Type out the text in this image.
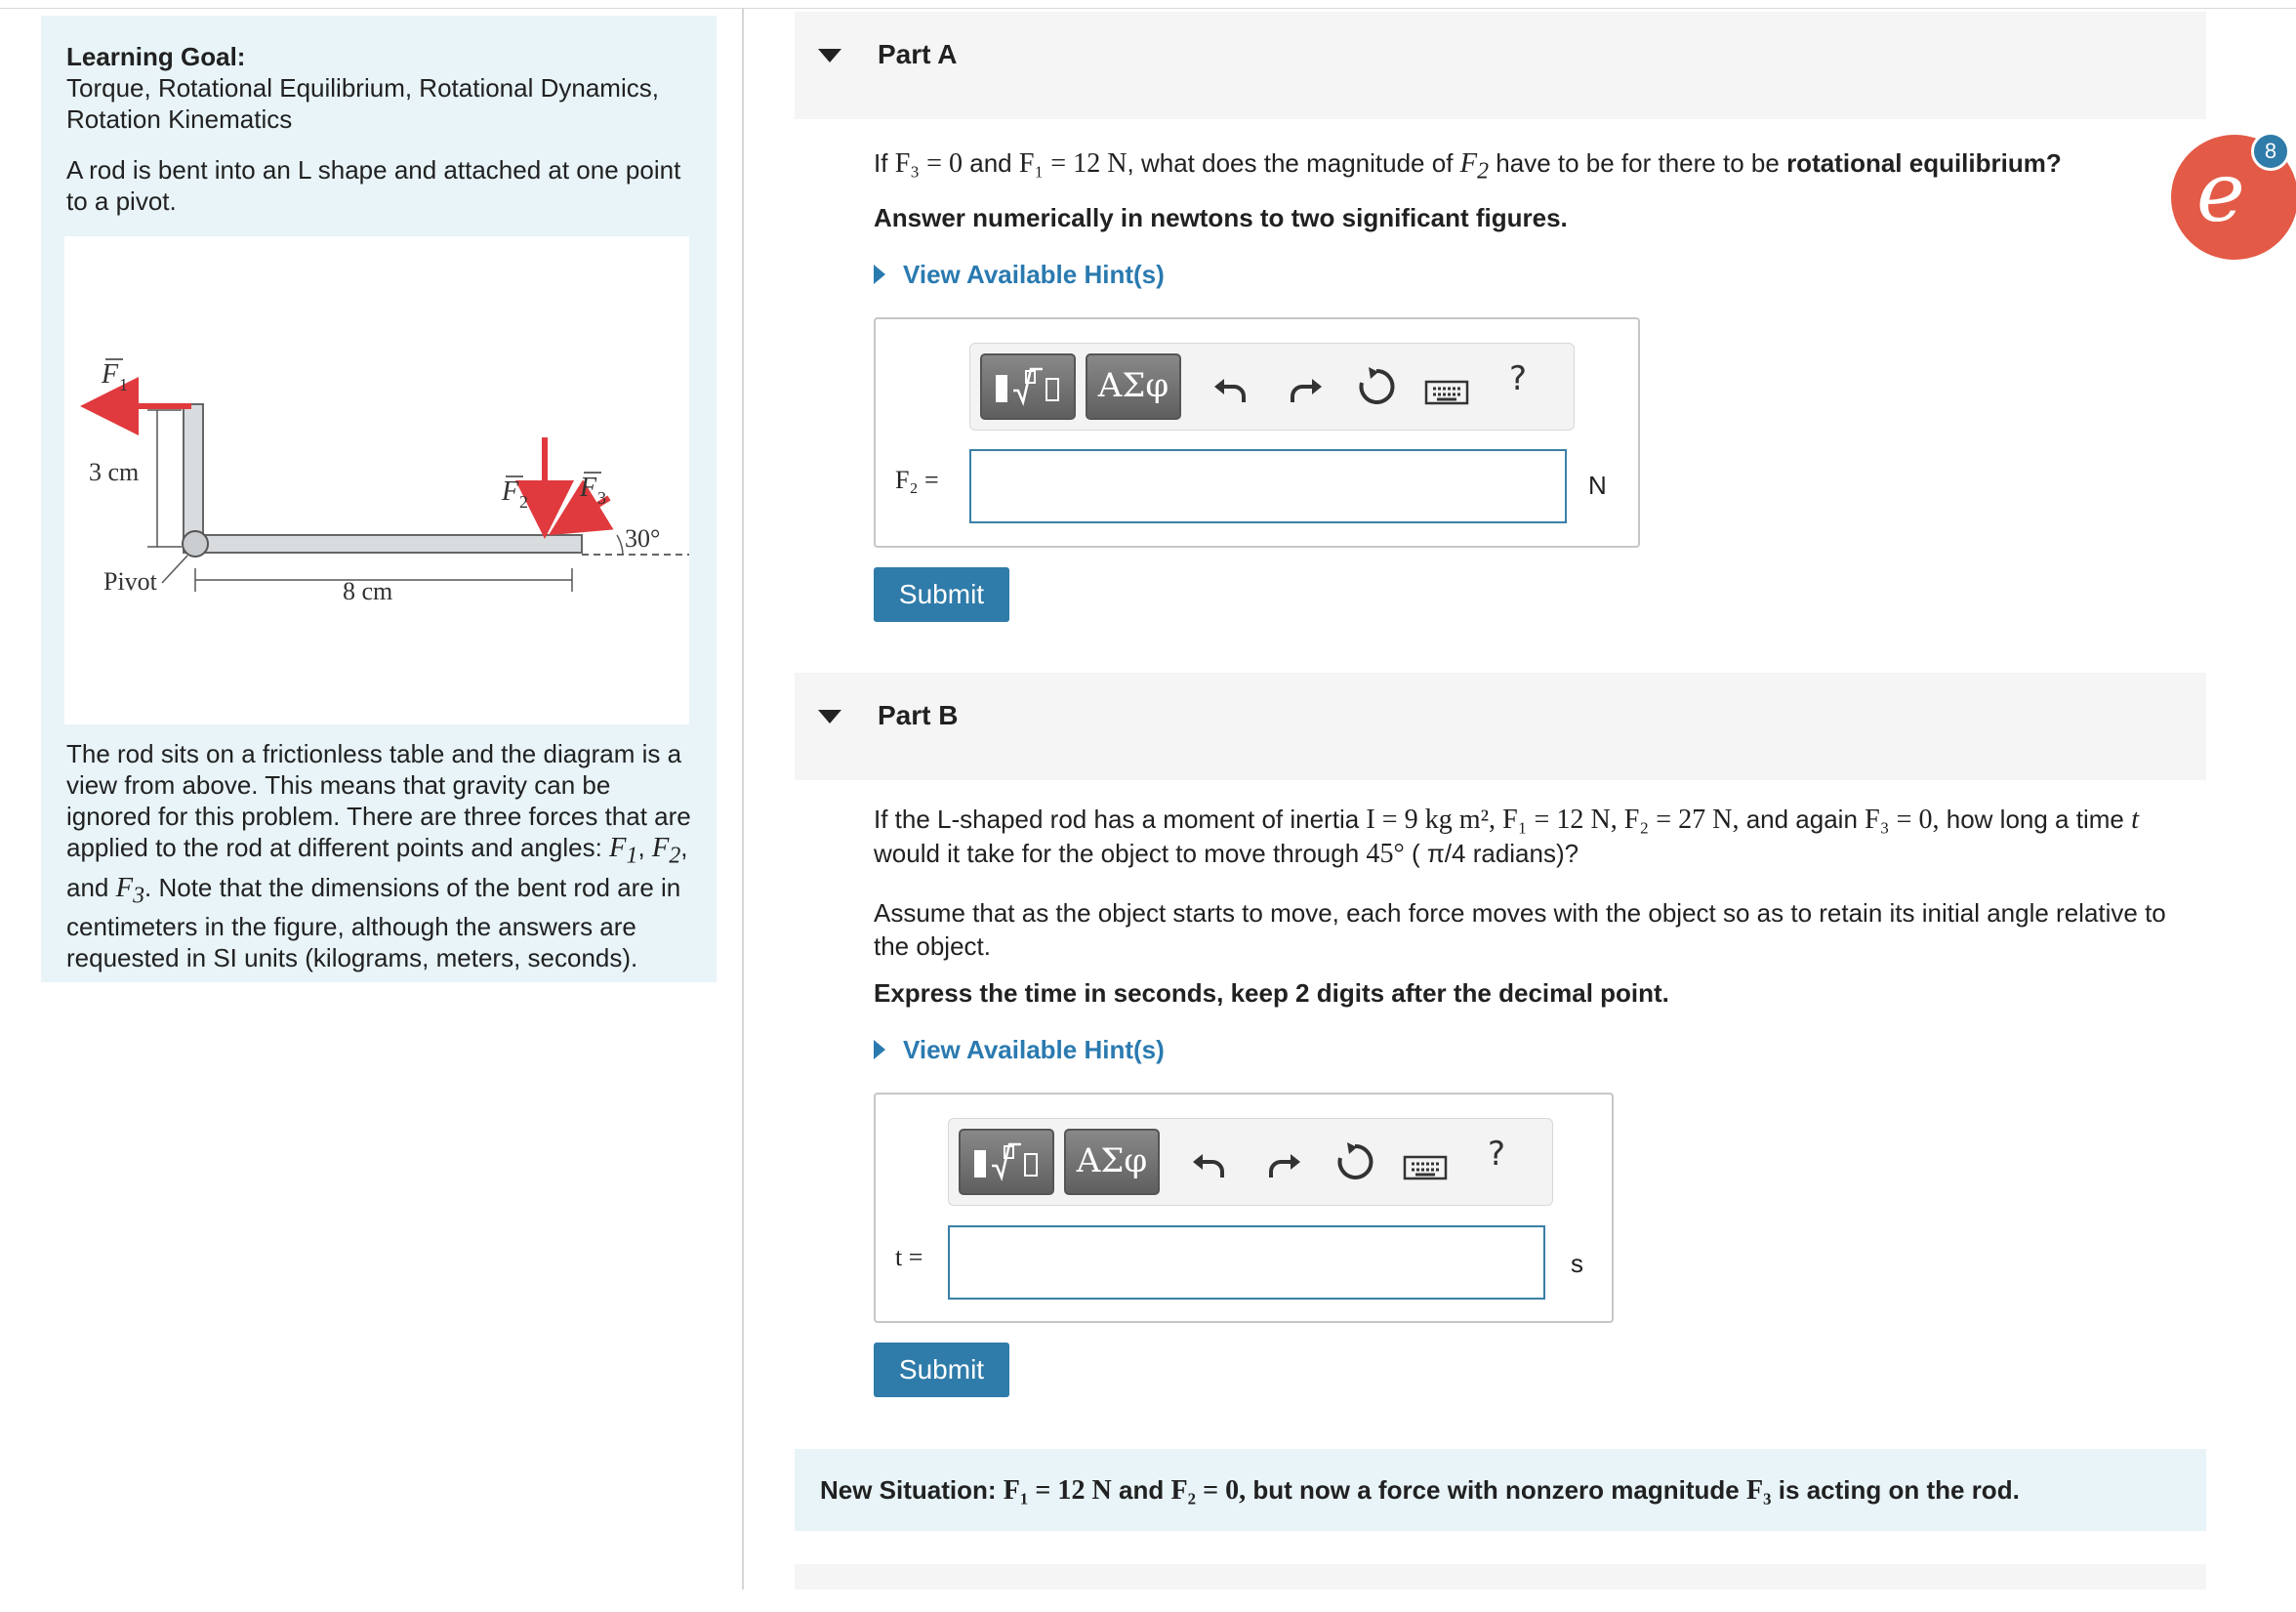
Learning Goal:
Torque, Rotational Equilibrium, Rotational Dynamics, Rotation Kinematics

A rod is bent into an L shape and attached at one point to a pivot.

3 cm
Pivot	8 cm
F 1
F 2 F 3
30°

The rod sits on a frictionless table and the diagram is a view from above. This means that gravity can be ignored for this problem. There are three forces that are applied to the rod at different points and angles: $F_1$, $F_2$, and $F_3$. Note that the dimensions of the bent rod are in centimeters in the figure, although the answers are requested in SI units (kilograms, meters, seconds).

Part A
If F₃ = 0 and F₁ = 12 N, what does the magnitude of $F_2$ have to be for there to be rotational equilibrium?
Answer numerically in newtons to two significant figures.
View Available Hint(s)
ΑΣφ	?
F₂ =	N
Submit
Part B
If the L-shaped rod has a moment of inertia I = 9 kg m², F₁ = 12 N, F₂ = 27 N, and again F₃ = 0, how long a time t would it take for the object to move through 45° ( π/4 radians)?
Assume that as the object starts to move, each force moves with the object so as to retain its initial angle relative to the object.
Express the time in seconds, keep 2 digits after the decimal point.
View Available Hint(s)
ΑΣφ	?
t =	s
Submit
New Situation: F₁ = 12 N and F₂ = 0, but now a force with nonzero magnitude F₃ is acting on the rod.
e 8
